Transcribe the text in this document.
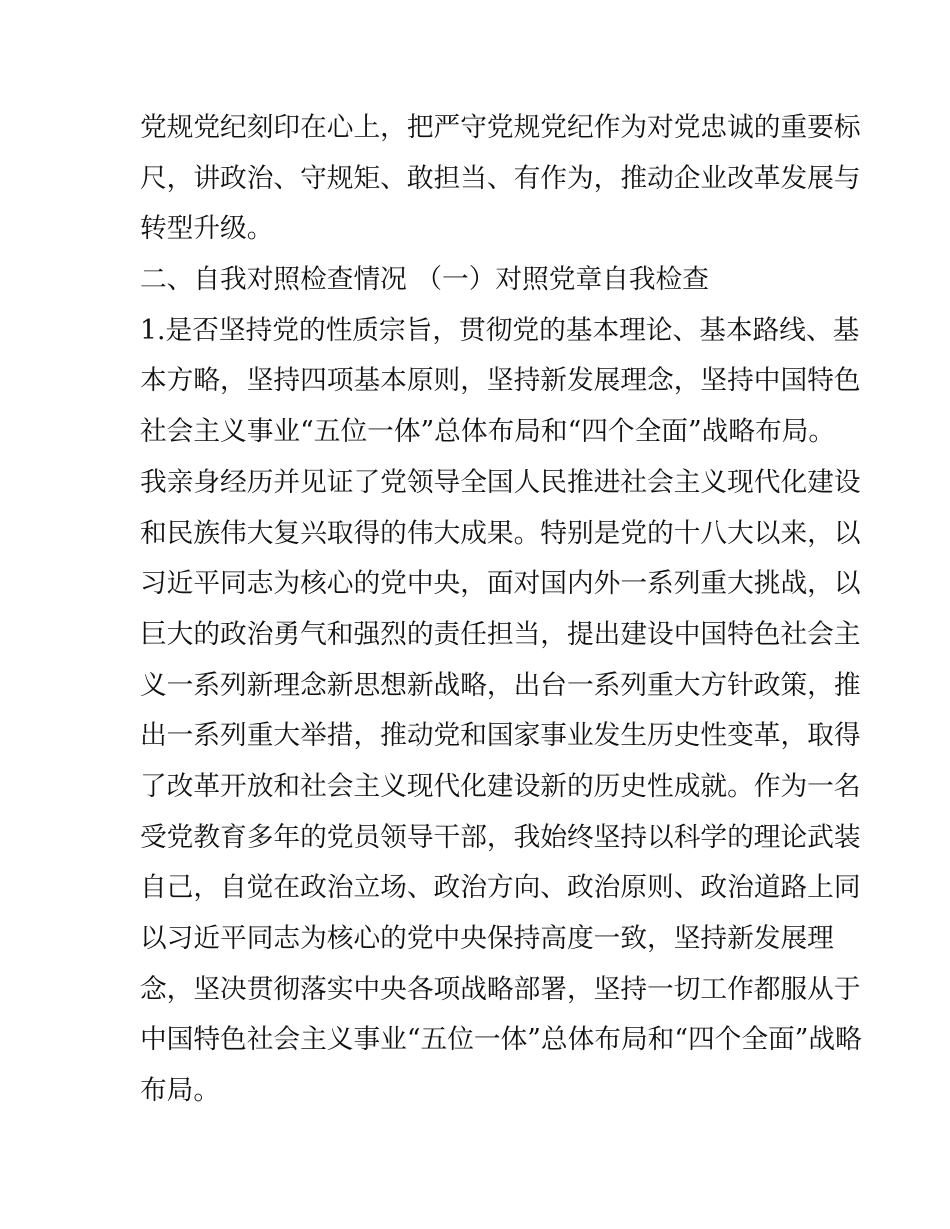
党规党纪刻印在心上，把严守党规党纪作为对党忠诚的重要标
尺，讲政治、守规矩、敢担当、有作为，推动企业改革发展与
转型升级。
二、自我对照检查情况 （一）对照党章自我检查
1.是否坚持党的性质宗旨，贯彻党的基本理论、基本路线、基
本方略，坚持四项基本原则，坚持新发展理念，坚持中国特色
社会主义事业“五位一体”总体布局和“四个全面”战略布局。
我亲身经历并见证了党领导全国人民推进社会主义现代化建设
和民族伟大复兴取得的伟大成果。特别是党的十八大以来，以
习近平同志为核心的党中央，面对国内外一系列重大挑战，以
巨大的政治勇气和强烈的责任担当，提出建设中国特色社会主
义一系列新理念新思想新战略，出台一系列重大方针政策，推
出一系列重大举措，推动党和国家事业发生历史性变革，取得
了改革开放和社会主义现代化建设新的历史性成就。作为一名
受党教育多年的党员领导干部，我始终坚持以科学的理论武装
自己，自觉在政治立场、政治方向、政治原则、政治道路上同
以习近平同志为核心的党中央保持高度一致，坚持新发展理
念，坚决贯彻落实中央各项战略部署，坚持一切工作都服从于
中国特色社会主义事业“五位一体”总体布局和“四个全面”战略
布局。
